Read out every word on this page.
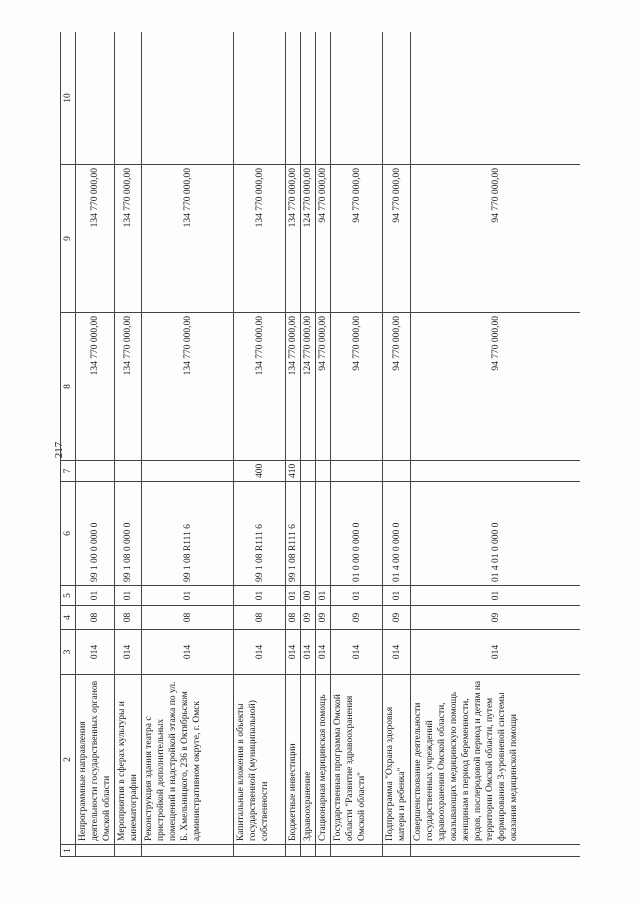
217
1	2	3	4	5	6	7	8	9	10
	Непрограммные направления деятельности государственных органов Омской области	014	08	01	99 1 00 0 000 0		134 770 000,00	134 770 000,00	
	Мероприятия в сферах культуры и кинематографии	014	08	01	99 1 08 0 000 0		134 770 000,00	134 770 000,00	
	Реконструкция здания театра с пристройкой дополнительных помещений и надстройкой этажа по ул. Б. Хмельницкого, 236 в Октябрьском административном округе, г. Омск	014	08	01	99 1 08 R111 6		134 770 000,00	134 770 000,00	
	Капитальные вложения в объекты государственной (муниципальной) собственности	014	08	01	99 1 08 R111 6	400	134 770 000,00	134 770 000,00	
	Бюджетные инвестиции	014	08	01	99 1 08 R111 6	410	134 770 000,00	134 770 000,00	
	Здравоохранение	014	09	00			124 770 000,00	124 770 000,00	
	Стационарная медицинская помощь	014	09	01			94 770 000,00	94 770 000,00	
	Государственная программа Омской области "Развитие здравоохранения Омской области"	014	09	01	01 0 00 0 000 0		94 770 000,00	94 770 000,00	
	Подпрограмма "Охрана здоровья матери и ребенка"	014	09	01	01 4 00 0 000 0		94 770 000,00	94 770 000,00	
	Совершенствование деятельности государственных учреждений здравоохранения Омской области, оказывающих медицинскую помощь женщинам в период беременности, родов, послеродовой период и детям на территории Омской области, путем формирования 3-уровневой системы оказания медицинской помощи	014	09	01	01 4 01 0 000 0		94 770 000,00	94 770 000,00	
